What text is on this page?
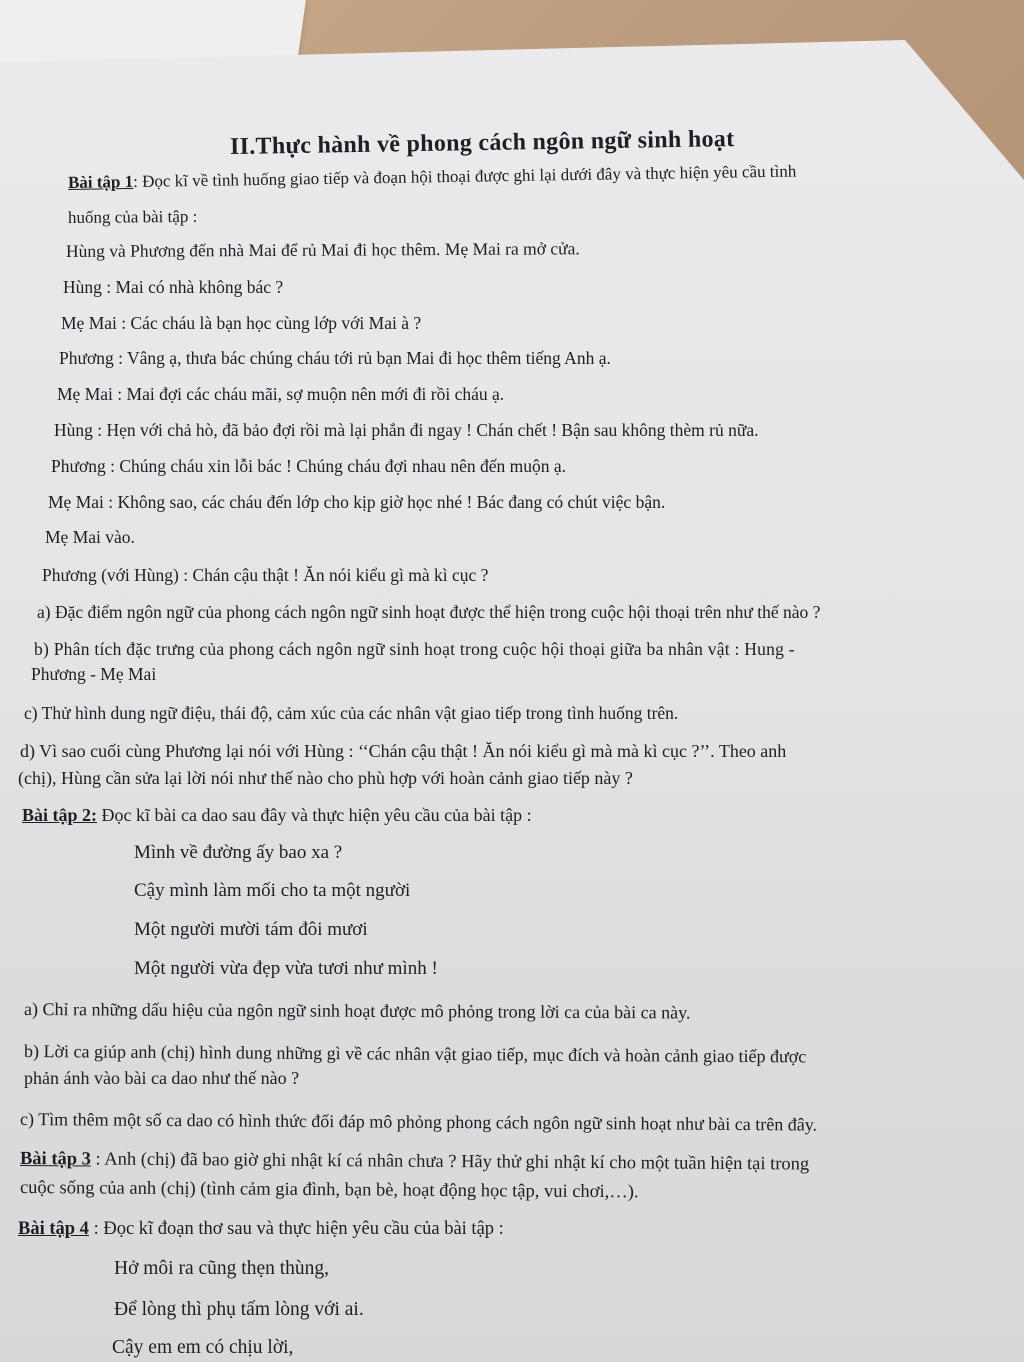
II.Thực hành về phong cách ngôn ngữ sinh hoạt
Bài tập 1: Đọc kĩ về tình huống giao tiếp và đoạn hội thoại được ghi lại dưới đây và thực hiện yêu cầu tình
huống của bài tập :
Hùng và Phương đến nhà Mai để rủ Mai đi học thêm. Mẹ Mai ra mở cửa.
Hùng : Mai có nhà không bác ?
Mẹ Mai : Các cháu là bạn học cùng lớp với Mai à ?
Phương : Vâng ạ, thưa bác chúng cháu tới rủ bạn Mai đi học thêm tiếng Anh ạ.
Mẹ Mai : Mai đợi các cháu mãi, sợ muộn nên mới đi rồi cháu ạ.
Hùng : Hẹn với chả hò, đã bảo đợi rồi mà lại phắn đi ngay ! Chán chết ! Bận sau không thèm rủ nữa.
Phương : Chúng cháu xin lỗi bác ! Chúng cháu đợi nhau nên đến muộn ạ.
Mẹ Mai : Không sao, các cháu đến lớp cho kịp giờ học nhé ! Bác đang có chút việc bận.
Mẹ Mai vào.
Phương (với Hùng) : Chán cậu thật ! Ăn nói kiểu gì mà kì cục ?
a) Đặc điểm ngôn ngữ của phong cách ngôn ngữ sinh hoạt được thể hiện trong cuộc hội thoại trên như thế nào ?
b) Phân tích đặc trưng của phong cách ngôn ngữ sinh hoạt trong cuộc hội thoại giữa ba nhân vật : Hung -
Phương - Mẹ Mai
c) Thử hình dung ngữ điệu, thái độ, cảm xúc của các nhân vật giao tiếp trong tình huống trên.
d) Vì sao cuối cùng Phương lại nói với Hùng : ‘‘Chán cậu thật ! Ăn nói kiểu gì mà mà kì cục ?’’. Theo anh
(chị), Hùng cần sửa lại lời nói như thế nào cho phù hợp với hoàn cảnh giao tiếp này ?
Bài tập 2: Đọc kĩ bài ca dao sau đây và thực hiện yêu cầu của bài tập :
Mình về đường ấy bao xa ?
Cậy mình làm mối cho ta một người
Một người mười tám đôi mươi
Một người vừa đẹp vừa tươi như mình !
a) Chỉ ra những dấu hiệu của ngôn ngữ sinh hoạt được mô phỏng trong lời ca của bài ca này.
b) Lời ca giúp anh (chị) hình dung những gì về các nhân vật giao tiếp, mục đích và hoàn cảnh giao tiếp được
phản ánh vào bài ca dao như thế nào ?
c) Tìm thêm một số ca dao có hình thức đối đáp mô phỏng phong cách ngôn ngữ sinh hoạt như bài ca trên đây.
Bài tập 3 : Anh (chị) đã bao giờ ghi nhật kí cá nhân chưa ? Hãy thử ghi nhật kí cho một tuần hiện tại trong
cuộc sống của anh (chị) (tình cảm gia đình, bạn bè, hoạt động học tập, vui chơi,…).
Bài tập 4 : Đọc kĩ đoạn thơ sau và thực hiện yêu cầu của bài tập :
Hở môi ra cũng thẹn thùng,
Để lòng thì phụ tấm lòng với ai.
Cậy em em có chịu lời,
